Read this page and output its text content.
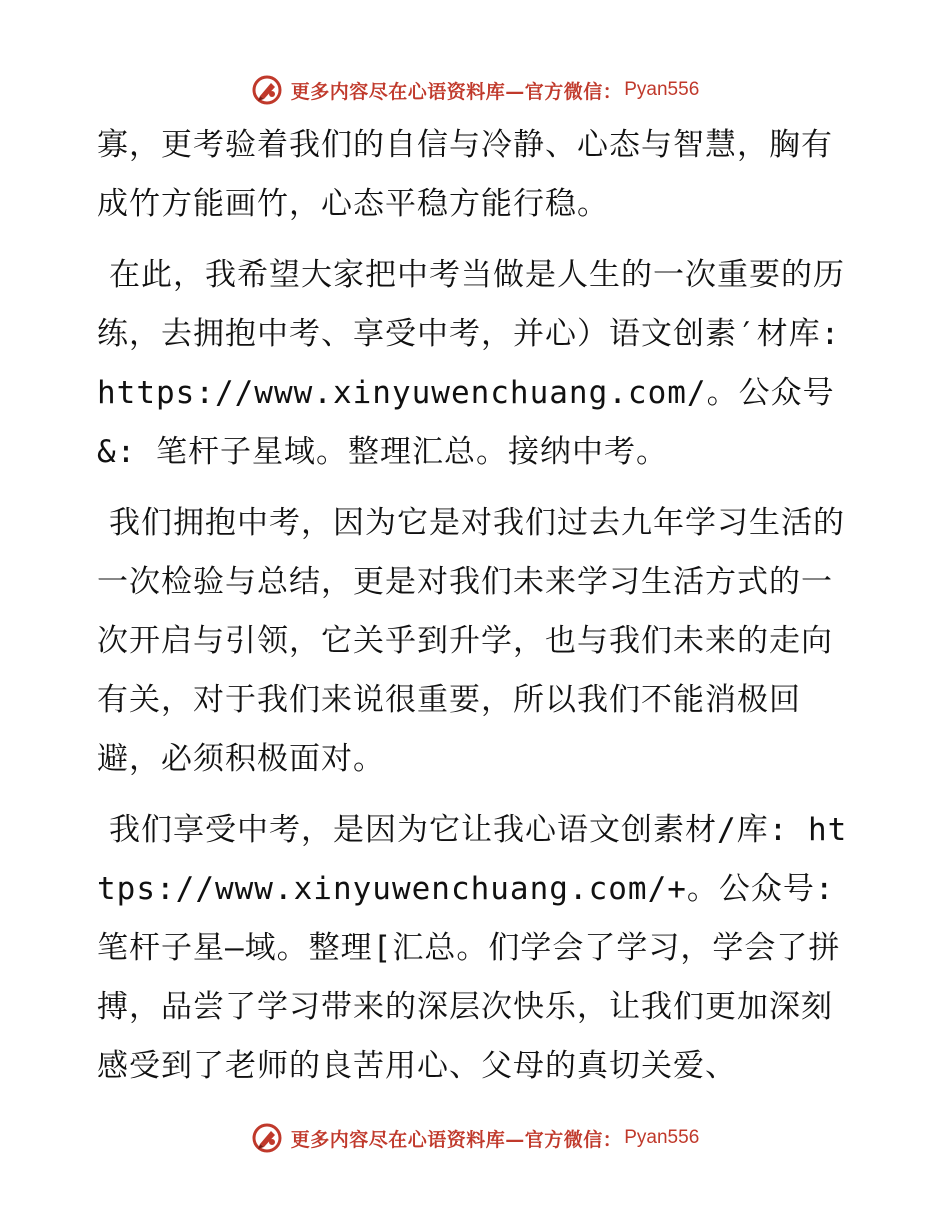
更多内容尽在心语资料库—官方微信： Pyan556

寡，更考验着我们的自信与冷静、心态与智慧，胸有成竹方能画竹，心态平稳方能行稳。

在此，我希望大家把中考当做是人生的一次重要的历练，去拥抱中考、享受中考，并心）语文创素′材库: https://www.xinyuwenchuang.com/。公众号&: 笔杆子星域。整理汇总。接纳中考。

我们拥抱中考，因为它是对我们过去九年学习生活的一次检验与总结，更是对我们未来学习生活方式的一次开启与引领，它关乎到升学，也与我们未来的走向有关，对于我们来说很重要，所以我们不能消极回避，必须积极面对。

我们享受中考，是因为它让我心语文创素材/库: https://www.xinyuwenchuang.com/+。公众号: 笔杆子星—域。整理[汇总。们学会了学习，学会了拼搏，品尝了学习带来的深层次快乐，让我们更加深刻感受到了老师的良苦用心、父母的真切关爱、

更多内容尽在心语资料库—官方微信： Pyan556
